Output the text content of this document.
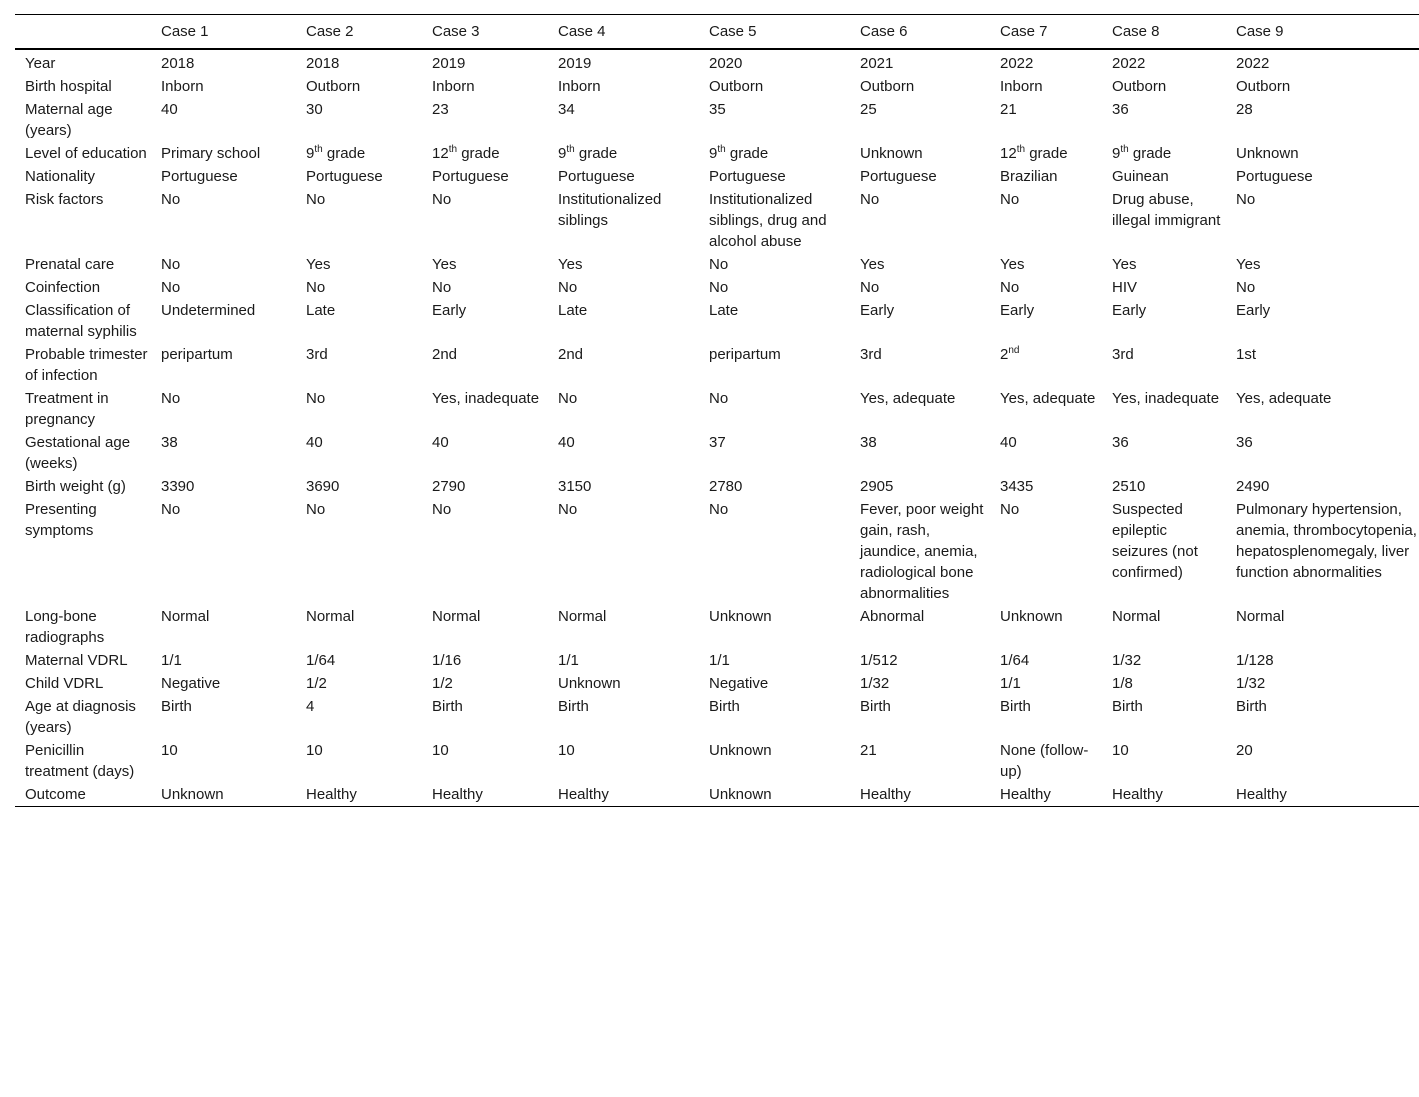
	Case 1	Case 2	Case 3	Case 4	Case 5	Case 6	Case 7	Case 8	Case 9
Year	2018	2018	2019	2019	2020	2021	2022	2022	2022
Birth hospital	Inborn	Outborn	Inborn	Inborn	Outborn	Outborn	Inborn	Outborn	Outborn
Maternal age (years)	40	30	23	34	35	25	21	36	28
Level of education	Primary school	9th grade	12th grade	9th grade	9th grade	Unknown	12th grade	9th grade	Unknown
Nationality	Portuguese	Portuguese	Portuguese	Portuguese	Portuguese	Portuguese	Brazilian	Guinean	Portuguese
Risk factors	No	No	No	Institutionalized siblings	Institutionalized siblings, drug and alcohol abuse	No	No	Drug abuse, illegal immigrant	No
Prenatal care	No	Yes	Yes	Yes	No	Yes	Yes	Yes	Yes
Coinfection	No	No	No	No	No	No	No	HIV	No
Classification of maternal syphilis	Undetermined	Late	Early	Late	Late	Early	Early	Early	Early
Probable trimester of infection	peripartum	3rd	2nd	2nd	peripartum	3rd	2nd	3rd	1st
Treatment in pregnancy	No	No	Yes, inadequate	No	No	Yes, adequate	Yes, adequate	Yes, inadequate	Yes, adequate
Gestational age (weeks)	38	40	40	40	37	38	40	36	36
Birth weight (g)	3390	3690	2790	3150	2780	2905	3435	2510	2490
Presenting symptoms	No	No	No	No	No	Fever, poor weight gain, rash, jaundice, anemia, radiological bone abnormalities	No	Suspected epileptic seizures (not confirmed)	Pulmonary hypertension, anemia, thrombocytopenia, hepatosplenomegaly, liver function abnormalities
Long-bone radiographs	Normal	Normal	Normal	Normal	Unknown	Abnormal	Unknown	Normal	Normal
Maternal VDRL	1/1	1/64	1/16	1/1	1/1	1/512	1/64	1/32	1/128
Child VDRL	Negative	1/2	1/2	Unknown	Negative	1/32	1/1	1/8	1/32
Age at diagnosis (years)	Birth	4	Birth	Birth	Birth	Birth	Birth	Birth	Birth
Penicillin treatment (days)	10	10	10	10	Unknown	21	None (follow-up)	10	20
Outcome	Unknown	Healthy	Healthy	Healthy	Unknown	Healthy	Healthy	Healthy	Healthy
